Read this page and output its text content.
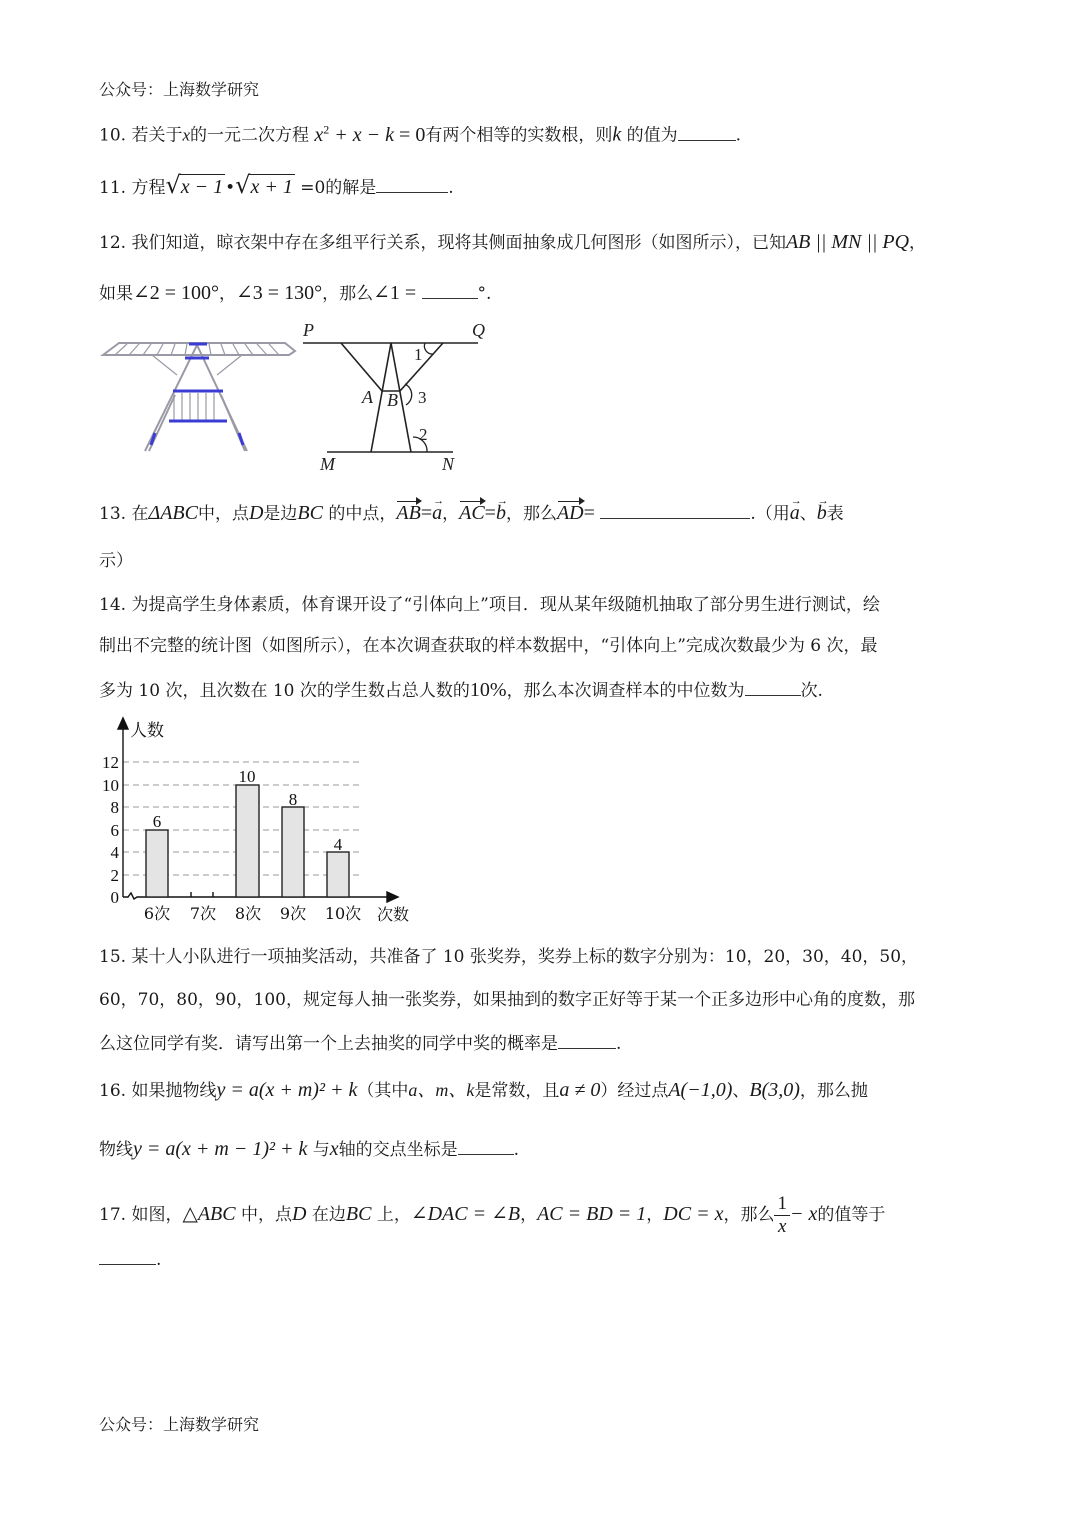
公众号：上海数学研究
10. 若关于x的一元二次方程 $x^2 + x - k = 0$有两个相等的实数根，则k 的值为	.
11. 方程√x − 1 •√x + 1 =0的解是	.
12. 我们知道，晾衣架中存在多组平行关系，现将其侧面抽象成几何图形（如图所示），已知AB || MN || PQ，
如果∠2 = 100°，∠3 = 130°，那么∠1 =	°.
P	Q
M	N
A B
1
3
2
13. 在ΔABC中，点D是边BC 的中点，AB=a →，AC=b →，那么AD=	.（用a →、b →表
示）
14. 为提高学生身体素质，体育课开设了“引体向上”项目．现从某年级随机抽取了部分男生进行测试，绘
制出不完整的统计图（如图所示），在本次调查获取的样本数据中，“引体向上”完成次数最少为 6 次，最
多为 10 次，且次数在 10 次的学生数占总人数的10%，那么本次调查样本的中位数为	次.
6
10
8
4
0
2
4
6
8
10
12
6次 7次 8次 9次 10次 次数
人数
15. 某十人小队进行一项抽奖活动，共准备了 10 张奖券，奖券上标的数字分别为：10，20，30，40，50，
60，70，80，90，100，规定每人抽一张奖券，如果抽到的数字正好等于某一个正多边形中心角的度数，那
么这位同学有奖．请写出第一个上去抽奖的同学中奖的概率是	.
16. 如果抛物线y = a(x + m)² + k（其中a、m、k是常数，且a ≠ 0）经过点A(−1,0)、B(3,0)，那么抛
物线y = a(x + m − 1)² + k 与x轴的交点坐标是	.
17. 如图，△ABC 中，点D 在边BC 上，∠DAC = ∠B，AC = BD = 1，DC = x，那么 $\frac{1}{x} - x$的值等于
.
公众号：上海数学研究
